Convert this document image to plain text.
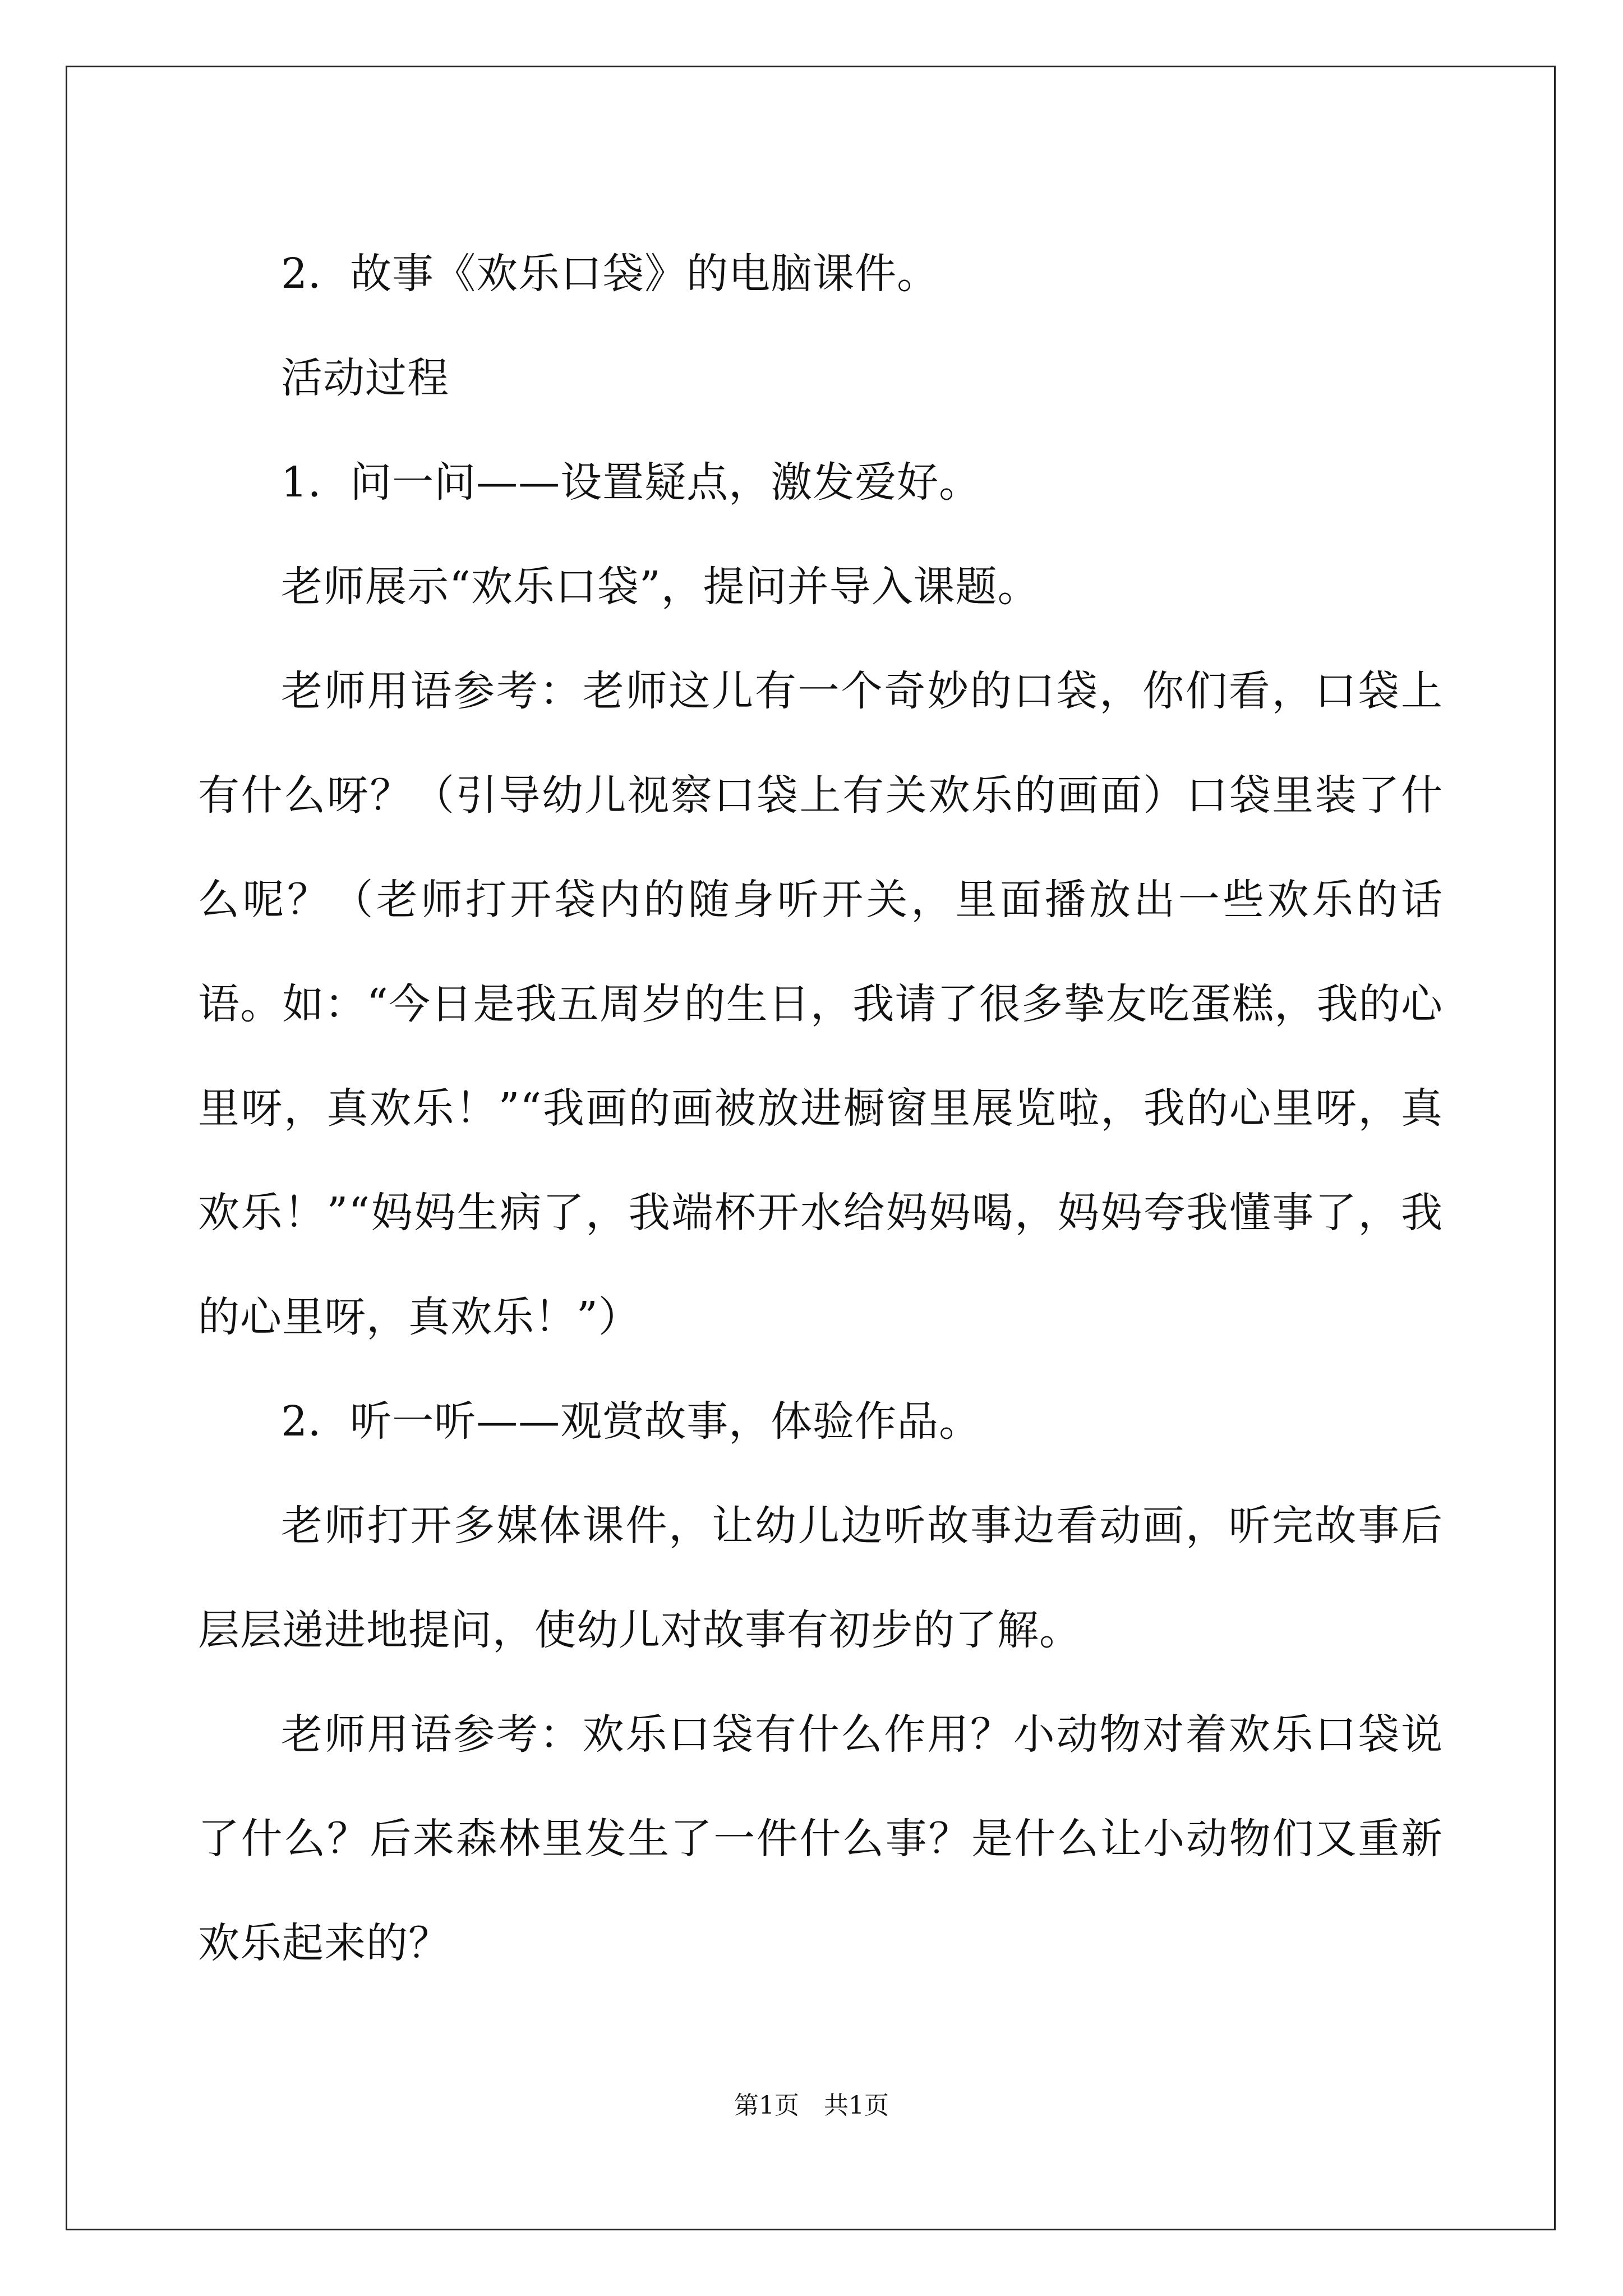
2．故事《欢乐口袋》的电脑课件。

活动过程

1．问一问——设置疑点，激发爱好。

老师展示“欢乐口袋”，提问并导入课题。

老师用语参考：老师这儿有一个奇妙的口袋，你们看，口袋上有什么呀？（引导幼儿视察口袋上有关欢乐的画面）口袋里装了什么呢？（老师打开袋内的随身听开关，里面播放出一些欢乐的话语。如：“今日是我五周岁的生日，我请了很多挚友吃蛋糕，我的心里呀，真欢乐！”“我画的画被放进橱窗里展览啦，我的心里呀，真欢乐！”“妈妈生病了，我端杯开水给妈妈喝，妈妈夸我懂事了，我的心里呀，真欢乐！”）

2．听一听——观赏故事，体验作品。

老师打开多媒体课件，让幼儿边听故事边看动画，听完故事后层层递进地提问，使幼儿对故事有初步的了解。

老师用语参考：欢乐口袋有什么作用？小动物对着欢乐口袋说了什么？后来森林里发生了一件什么事？是什么让小动物们又重新欢乐起来的？

第1页　共1页
